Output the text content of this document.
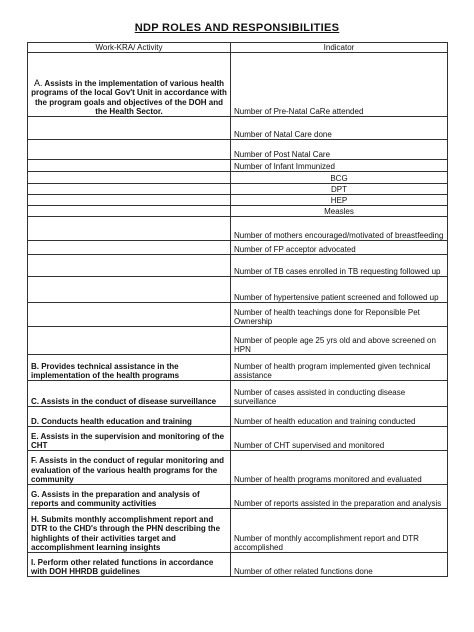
NDP ROLES AND RESPONSIBILITIES
Work-KRA/ Activity	Indicator
A. Assists in the implementation of various health programs of the local Gov't Unit in accordance with the program goals and objectives of the DOH and the Health Sector.	Number of Pre-Natal CaRe attended
	Number of Natal Care done
	Number of Post Natal Care
	Number of Infant Immunized
	BCG
	DPT
	HEP
	Measles
	Number of mothers encouraged/motivated of breastfeeding
	Number of FP acceptor advocated
	Number of TB cases enrolled in TB requesting followed up
	Number of hypertensive patient screened and followed up
	Number of health teachings done for Reponsible Pet Ownership
	Number of people age 25 yrs old and above screened on HPN
B. Provides technical assistance in the implementation of the health programs	Number of health program implemented given technical assistance
C. Assists in the conduct of disease surveillance	Number of cases assisted in conducting disease surveillance
D. Conducts health education and training	Number of health education and training conducted
E. Assists in the supervision and monitoring of the CHT	Number of CHT supervised and monitored
F. Assists in the conduct of regular monitoring and evaluation of the various health programs for the community	Number of health programs monitored and evaluated
G. Assists in the preparation and analysis of reports and community activities	Number of reports assisted in the preparation and analysis
H. Submits monthly accomplishment report and DTR to the CHD's through the PHN describing the highlights of their activities target and accomplishment learning insights	Number of monthly accomplishment report and DTR accomplished
I. Perform other related functions in accordance with DOH HHRDB guidelines	Number of other related functions done
